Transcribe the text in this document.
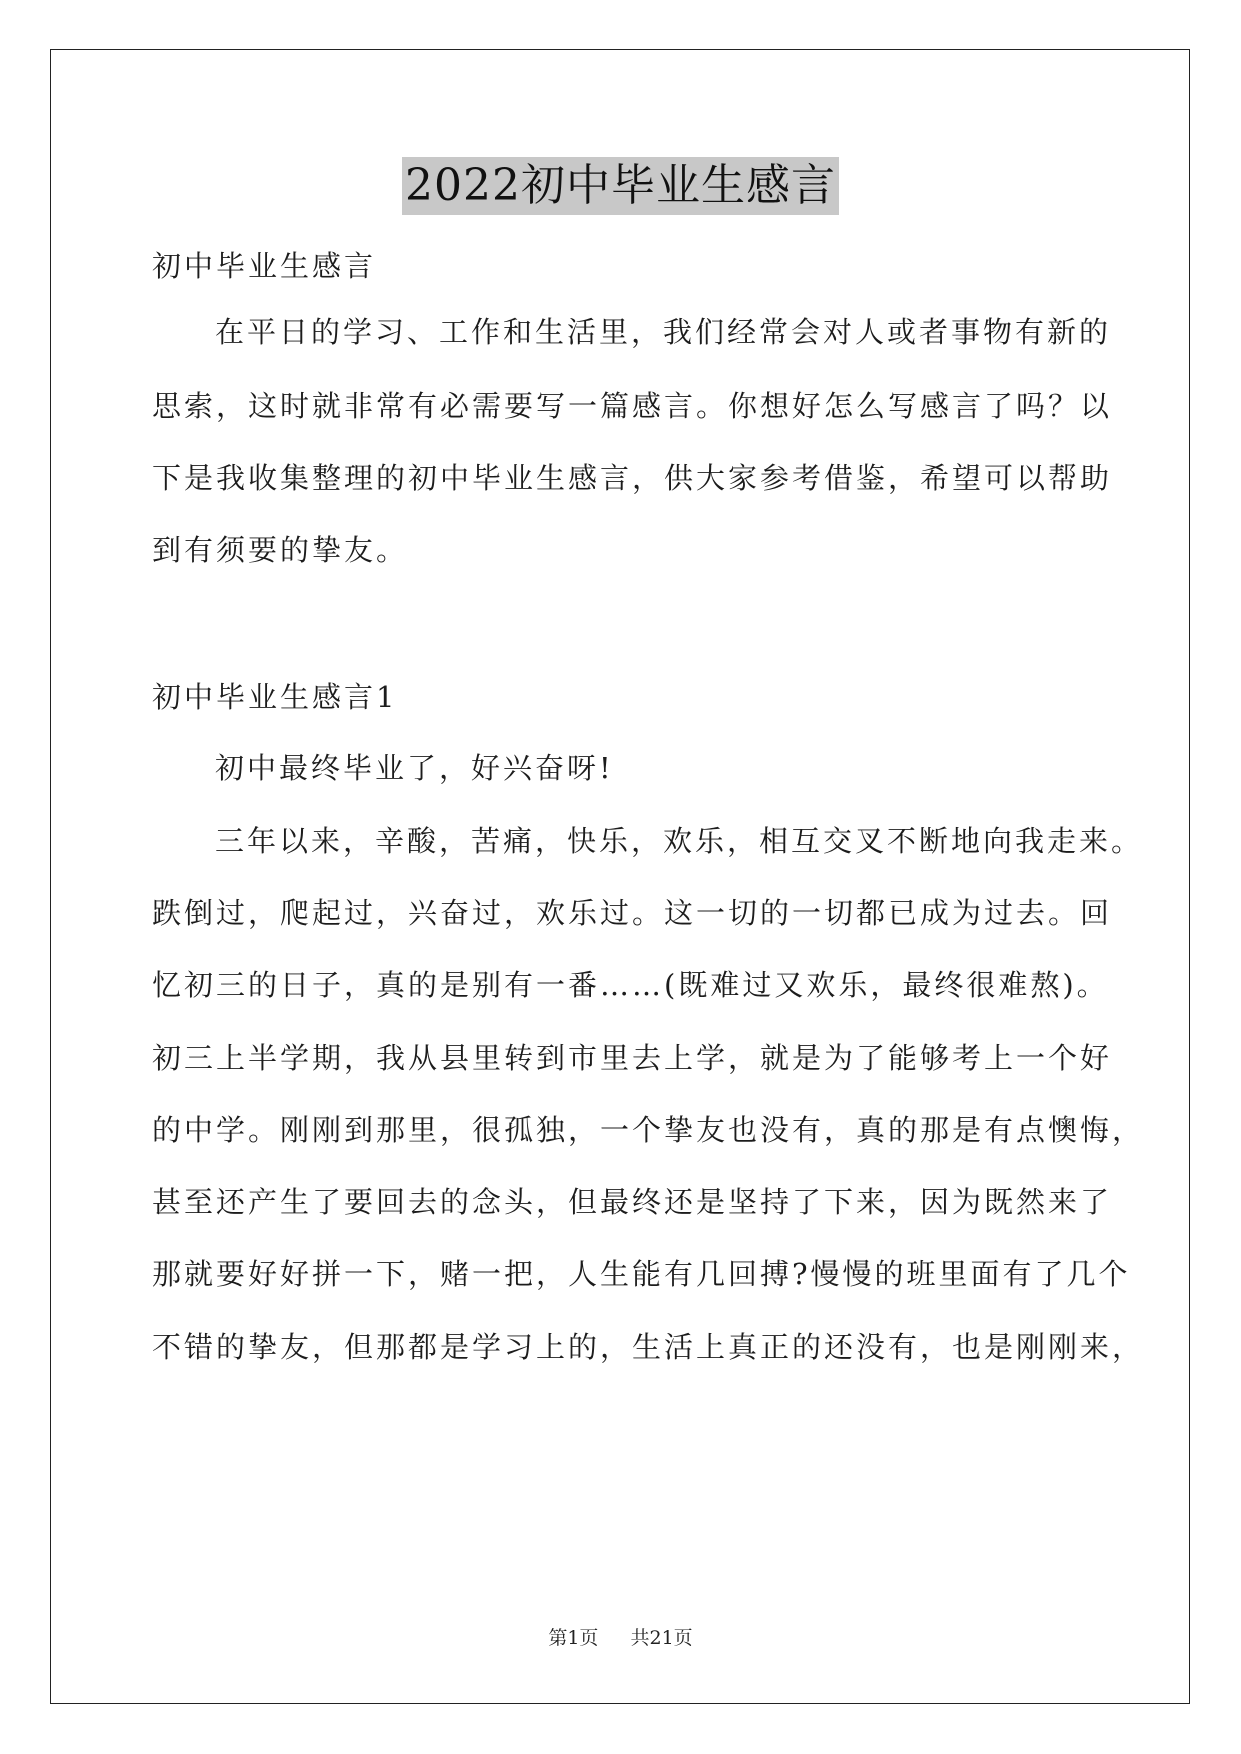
2022初中毕业生感言
初中毕业生感言
在平日的学习、工作和生活里，我们经常会对人或者事物有新的
思索，这时就非常有必需要写一篇感言。你想好怎么写感言了吗？以
下是我收集整理的初中毕业生感言，供大家参考借鉴，希望可以帮助
到有须要的挚友。
初中毕业生感言1
初中最终毕业了，好兴奋呀!
三年以来，辛酸，苦痛，快乐，欢乐，相互交叉不断地向我走来。
跌倒过，爬起过，兴奋过，欢乐过。这一切的一切都已成为过去。回
忆初三的日子，真的是别有一番……(既难过又欢乐，最终很难熬)。
初三上半学期，我从县里转到市里去上学，就是为了能够考上一个好
的中学。刚刚到那里，很孤独，一个挚友也没有，真的那是有点懊悔，
甚至还产生了要回去的念头，但最终还是坚持了下来，因为既然来了
那就要好好拼一下，赌一把，人生能有几回搏?慢慢的班里面有了几个
不错的挚友，但那都是学习上的，生活上真正的还没有，也是刚刚来，
第1页 共21页
